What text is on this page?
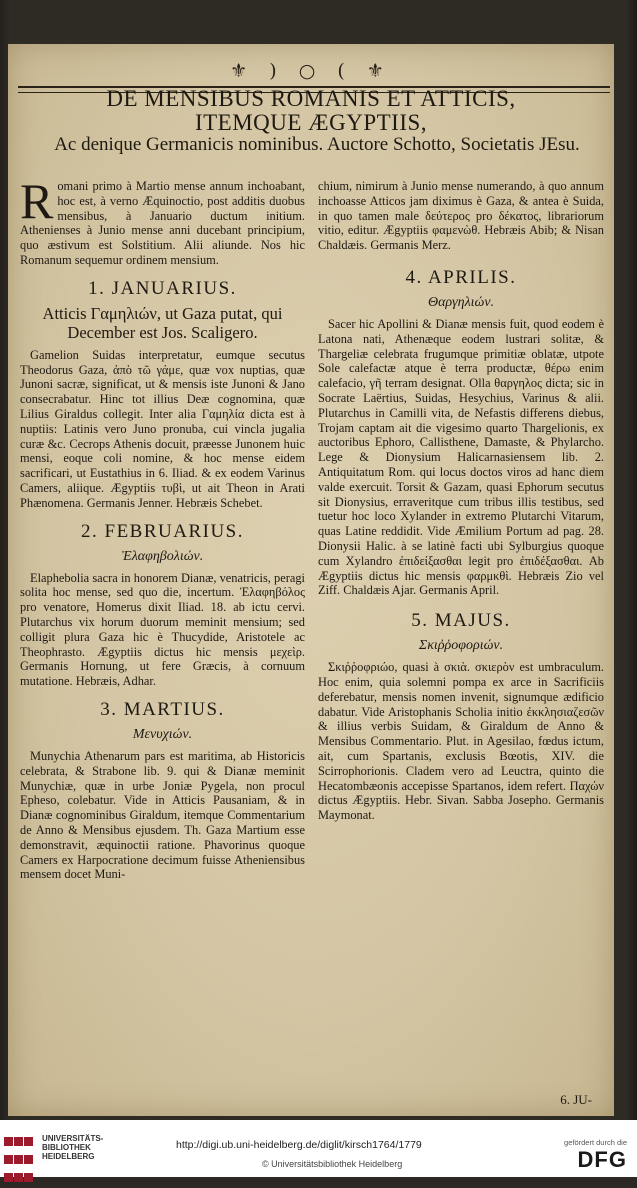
⚜ ) ○ ( ⚜
DE MENSIBUS ROMANIS ET ATTICIS,
ITEMQUE ÆGYPTIIS,
Ac denique Germanicis nominibus. Auctore Schotto, Societatis JEsu.

Romani primo à Martio mense annum inchoabant, hoc est, à verno Æquinoctio, post additis duobus mensibus, à Januario ductum initium. Athenienses à Junio mense anni ducebant principium, quo æstivum est Solstitium. Alii aliunde. Nos hic Romanum sequemur ordinem mensium.

1. JANUARIUS.

Atticis Γαμηλιών, ut Gaza putat, qui December est Jos. Scaligero.

Gamelion Suidas interpretatur, eumque secutus Theodorus Gaza, ἀπὸ τῶ γάμε, quæ vox nuptias, quæ Junoni sacræ, significat, ut & mensis iste Junoni & Jano consecrabatur. Hinc tot illius Deæ cognomina, quæ Lilius Giraldus collegit. Inter alia Γαμηλία dicta est à nuptiis: Latinis vero Juno pronuba, cui vincla jugalia curæ &c. Cecrops Athenis docuit, præesse Junonem huic mensi, eoque coli nomine, & hoc mense eidem sacrificari, ut Eustathius in 6. Iliad. & ex eodem Varinus Camers, aliique. Ægyptiis τυβὶ, ut ait Theon in Arati Phænomena. Germanis Jenner. Hebræis Schebet.

2. FEBRUARIUS.
Ἐλαφηβολιών.

Elaphebolia sacra in honorem Dianæ, venatricis, peragi solita hoc mense, sed quo die, incertum. Ἐλαφηβόλος pro venatore, Homerus dixit Iliad. 18. ab ictu cervi. Plutarchus vix horum duorum meminit mensium; sed colligit plura Gaza hic è Thucydide, Aristotele ac Theophrasto. Ægyptiis dictus hic mensis μεχεὶρ. Germanis Hornung, ut fere Græcis, à cornuum mutatione. Hebræis, Adhar.

3. MARTIUS.
Μενυχιών.

Munychia Athenarum pars est maritima, ab Historicis celebrata, & Strabone lib. 9. qui & Dianæ meminit Munychiæ, quæ in urbe Joniæ Pygela, non procul Epheso, colebatur. Vide in Atticis Pausaniam, & in Dianæ cognominibus Giraldum, itemque Commentarium de Anno & Mensibus ejusdem. Th. Gaza Martium esse demonstravit, æquinoctii ratione. Phavorinus quoque Camers ex Harpocratione decimum fuisse Atheniensibus mensem docet Muni-

chium, nimirum à Junio mense numerando, à quo annum inchoasse Atticos jam diximus è Gaza, & antea è Suida, in quo tamen male δεύτερος pro δέκατος, librariorum vitio, editur. Ægyptiis φαμενὼθ. Hebræis Abib; & Nisan Chaldæis. Germanis Merz.

4. APRILIS.
Θαργηλιών.

Sacer hic Apollini & Dianæ mensis fuit, quod eodem è Latona nati, Athenæque eodem lustrari solitæ, & Thargeliæ celebrata frugumque primitiæ oblatæ, utpote Sole calefactæ atque è terra productæ, θέρω enim calefacio, γῆ terram designat. Olla θαργηλος dicta; sic in Socrate Laërtius, Suidas, Hesychius, Varinus & alii. Plutarchus in Camilli vita, de Nefastis differens diebus, Trojam captam ait die vigesimo quarto Thargelionis, ex auctoribus Ephoro, Callisthene, Damaste, & Phylarcho. Lege & Dionysium Halicarnasiensem lib. 2. Antiquitatum Rom. qui locus doctos viros ad hanc diem valde exercuit. Torsit & Gazam, quasi Ephorum secutus sit Dionysius, erraveritque cum tribus illis testibus, sed tuetur hoc loco Xylander in extremo Plutarchi Vitarum, quas Latine reddidit. Vide Æmilium Portum ad pag. 28. Dionysii Halic. à se latinè facti ubi Sylburgius quoque cum Xylandro ἐπιδείξασθαι legit pro ἐπιδέξασθαι. Ab Ægyptiis dictus hic mensis φαρμκθὶ. Hebræis Zio vel Ziff. Chaldæis Ajar. Germanis April.

5. MAJUS.
Σκιῤῥοφοριών.

Σκιῤῥοφριώο, quasi à σκιὰ. σκιερὸν est umbraculum. Hoc enim, quia solemni pompa ex arce in Sacrificiis deferebatur, mensis nomen invenit, signumque ædificio dabatur. Vide Aristophanis Scholia initio ἐκκλησιαζεσῶν & illius verbis Suidam, & Giraldum de Anno & Mensibus Commentario. Plut. in Agesilao, fœdus ictum, ait, cum Spartanis, exclusis Bœotis, XIV. die Scirrophorionis. Cladem vero ad Leuctra, quinto die Hecatombæonis accepisse Spartanos, idem refert. Παχών dictus Ægyptiis. Hebr. Sivan. Sabba Josepho. Germanis Maymonat.

6. JU-

UNIVERSITÄTS-
BIBLIOTHEK
HEIDELBERG
http://digi.ub.uni-heidelberg.de/diglit/kirsch1764/1779
© Universitätsbibliothek Heidelberg
gefördert durch die
DFG
